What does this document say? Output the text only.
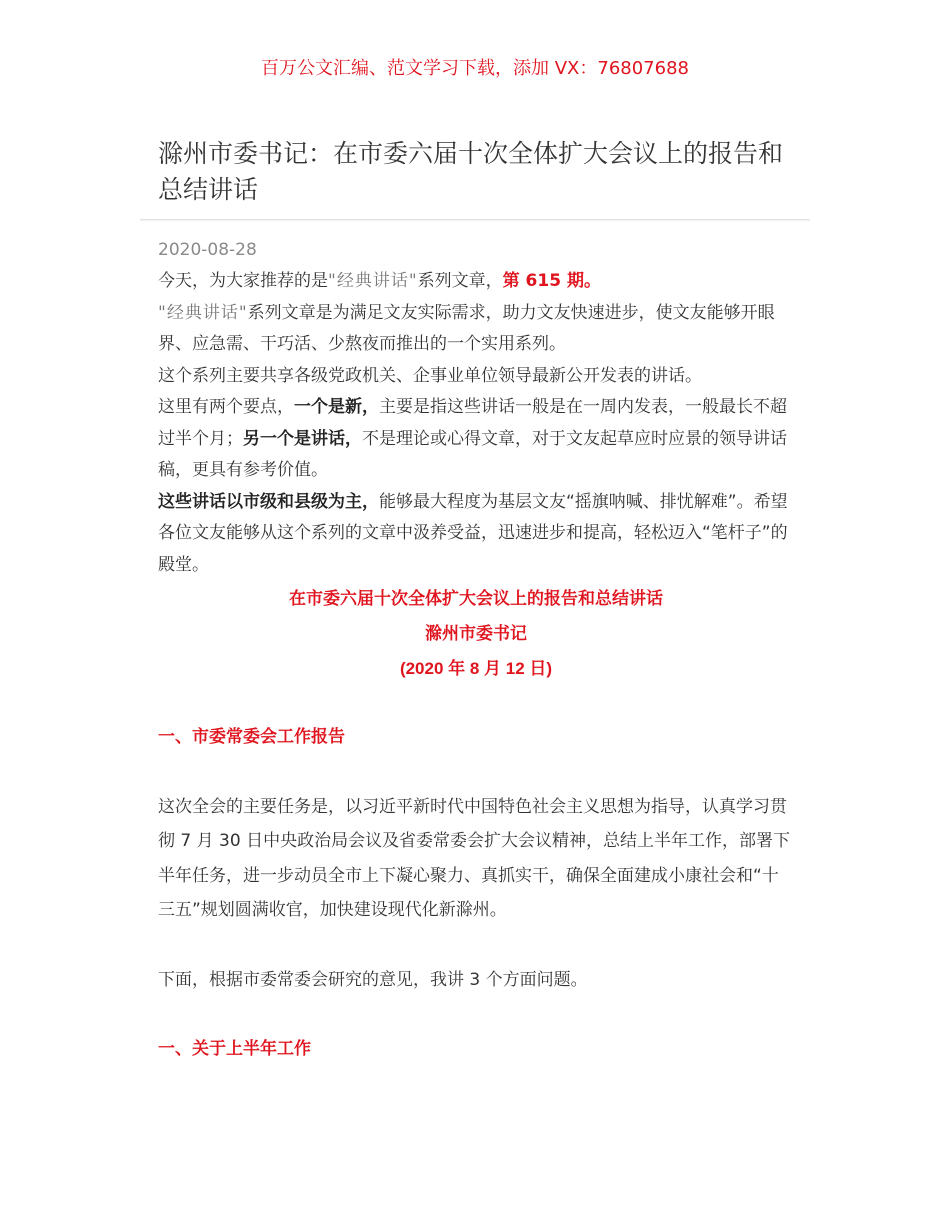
百万公文汇编、范文学习下载，添加 VX：76807688
滁州市委书记：在市委六届十次全体扩大会议上的报告和总结讲话
2020-08-28

今天，为大家推荐的是"经典讲话"系列文章，第 615 期。

"经典讲话"系列文章是为满足文友实际需求，助力文友快速进步，使文友能够开眼界、应急需、干巧活、少熬夜而推出的一个实用系列。

这个系列主要共享各级党政机关、企事业单位领导最新公开发表的讲话。

这里有两个要点，一个是新，主要是指这些讲话一般是在一周内发表，一般最长不超过半个月；另一个是讲话，不是理论或心得文章，对于文友起草应时应景的领导讲话稿，更具有参考价值。

这些讲话以市级和县级为主，能够最大程度为基层文友“摇旗呐喊、排忧解难”。希望各位文友能够从这个系列的文章中汲养受益，迅速进步和提高，轻松迈入“笔杆子”的殿堂。

在市委六届十次全体扩大会议上的报告和总结讲话
滁州市委书记
(2020 年 8 月 12 日)
一、市委常委会工作报告

这次全会的主要任务是，以习近平新时代中国特色社会主义思想为指导，认真学习贯彻 7 月 30 日中央政治局会议及省委常委会扩大会议精神，总结上半年工作，部署下半年任务，进一步动员全市上下凝心聚力、真抓实干，确保全面建成小康社会和“十三五”规划圆满收官，加快建设现代化新滁州。

下面，根据市委常委会研究的意见，我讲 3 个方面问题。

一、关于上半年工作
